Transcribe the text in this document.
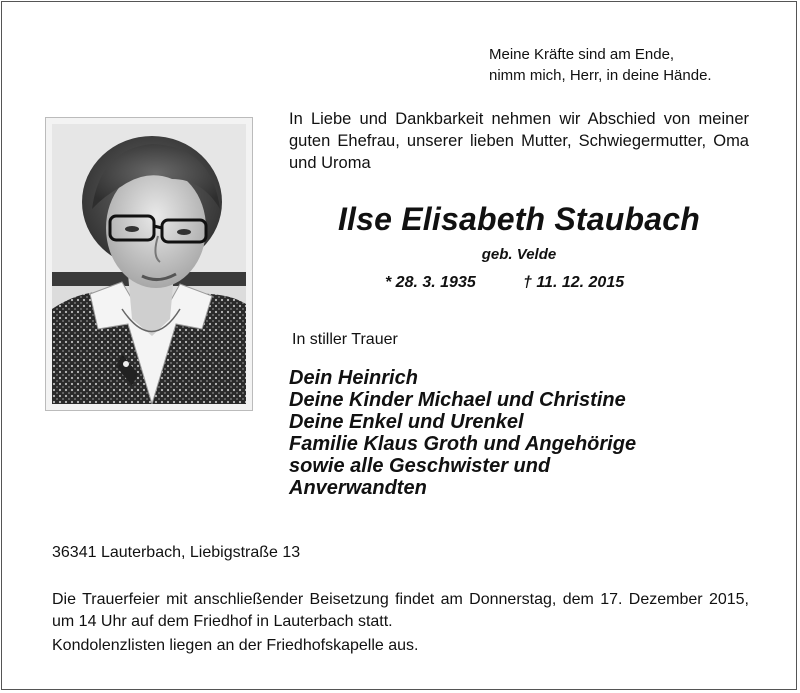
Meine Kräfte sind am Ende,
nimm mich, Herr, in deine Hände.
In Liebe und Dankbarkeit nehmen wir Abschied von meiner guten Ehefrau, unserer lieben Mutter, Schwiegermutter, Oma und Uroma
Ilse Elisabeth Staubach
geb. Velde
* 28. 3. 1935	† 11. 12. 2015
In stiller Trauer
Dein Heinrich
Deine Kinder Michael und Christine
Deine Enkel und Urenkel
Familie Klaus Groth und Angehörige
sowie alle Geschwister und
Anverwandten
36341 Lauterbach, Liebigstraße 13
Die Trauerfeier mit anschließender Beisetzung findet am Donnerstag, dem 17. Dezember 2015, um 14 Uhr auf dem Friedhof in Lauterbach statt.
Kondolenzlisten liegen an der Friedhofskapelle aus.
